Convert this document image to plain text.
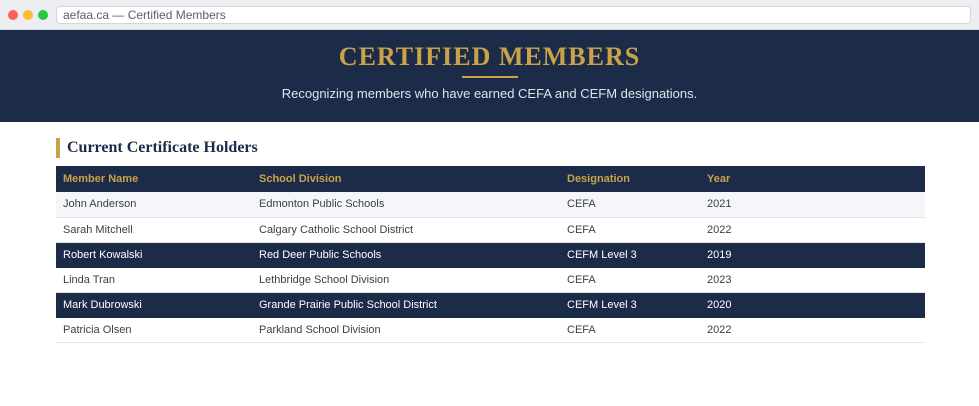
aefaa.ca — Certified Members
CERTIFIED MEMBERS

Recognizing members who have earned CEFA and CEFM designations.

Current Certificate Holders
Member Name	School Division	Designation	Year
John Anderson	Edmonton Public Schools	CEFA	2021
Sarah Mitchell	Calgary Catholic School District	CEFA	2022
Robert Kowalski	Red Deer Public Schools	CEFM Level 3	2019
Linda Tran	Lethbridge School Division	CEFA	2023
Mark Dubrowski	Grande Prairie Public School District	CEFM Level 3	2020
Patricia Olsen	Parkland School Division	CEFA	2022
